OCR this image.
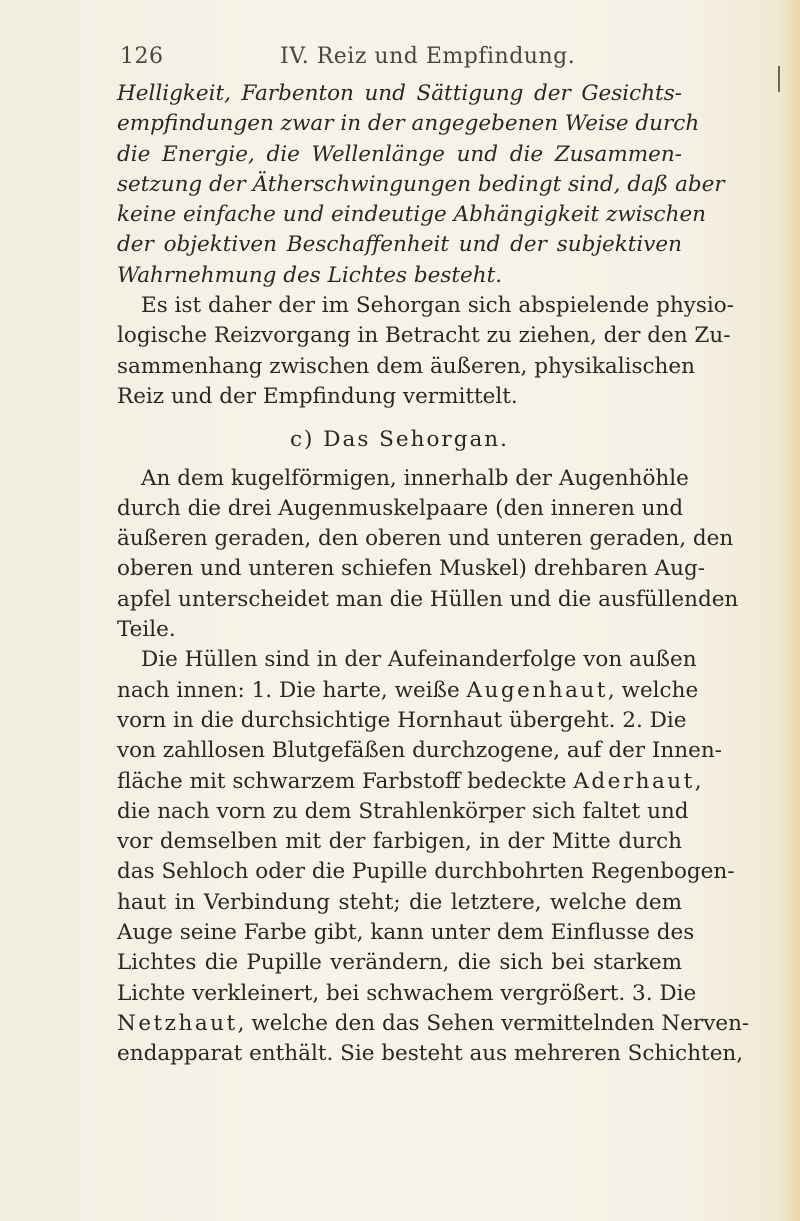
126	IV. Reiz und Empfindung.
Helligkeit, Farbenton und Sättigung der Gesichts-
empfindungen zwar in der angegebenen Weise durch
die Energie, die Wellenlänge und die Zusammen-
setzung der Ätherschwingungen bedingt sind, daß aber
keine einfache und eindeutige Abhängigkeit zwischen
der objektiven Beschaffenheit und der subjektiven
Wahrnehmung des Lichtes besteht.
Es ist daher der im Sehorgan sich abspielende physio-
logische Reizvorgang in Betracht zu ziehen, der den Zu-
sammenhang zwischen dem äußeren, physikalischen
Reiz und der Empfindung vermittelt.
c) Das Sehorgan.
An dem kugelförmigen, innerhalb der Augenhöhle
durch die drei Augenmuskelpaare (den inneren und
äußeren geraden, den oberen und unteren geraden, den
oberen und unteren schiefen Muskel) drehbaren Aug-
apfel unterscheidet man die Hüllen und die ausfüllenden
Teile.
Die Hüllen sind in der Aufeinanderfolge von außen
nach innen: 1. Die harte, weiße Augenhaut, welche
vorn in die durchsichtige Hornhaut übergeht. 2. Die
von zahllosen Blutgefäßen durchzogene, auf der Innen-
fläche mit schwarzem Farbstoff bedeckte Aderhaut,
die nach vorn zu dem Strahlenkörper sich faltet und
vor demselben mit der farbigen, in der Mitte durch
das Sehloch oder die Pupille durchbohrten Regenbogen-
haut in Verbindung steht; die letztere, welche dem
Auge seine Farbe gibt, kann unter dem Einflusse des
Lichtes die Pupille verändern, die sich bei starkem
Lichte verkleinert, bei schwachem vergrößert. 3. Die
Netzhaut, welche den das Sehen vermittelnden Nerven-
endapparat enthält. Sie besteht aus mehreren Schichten,
